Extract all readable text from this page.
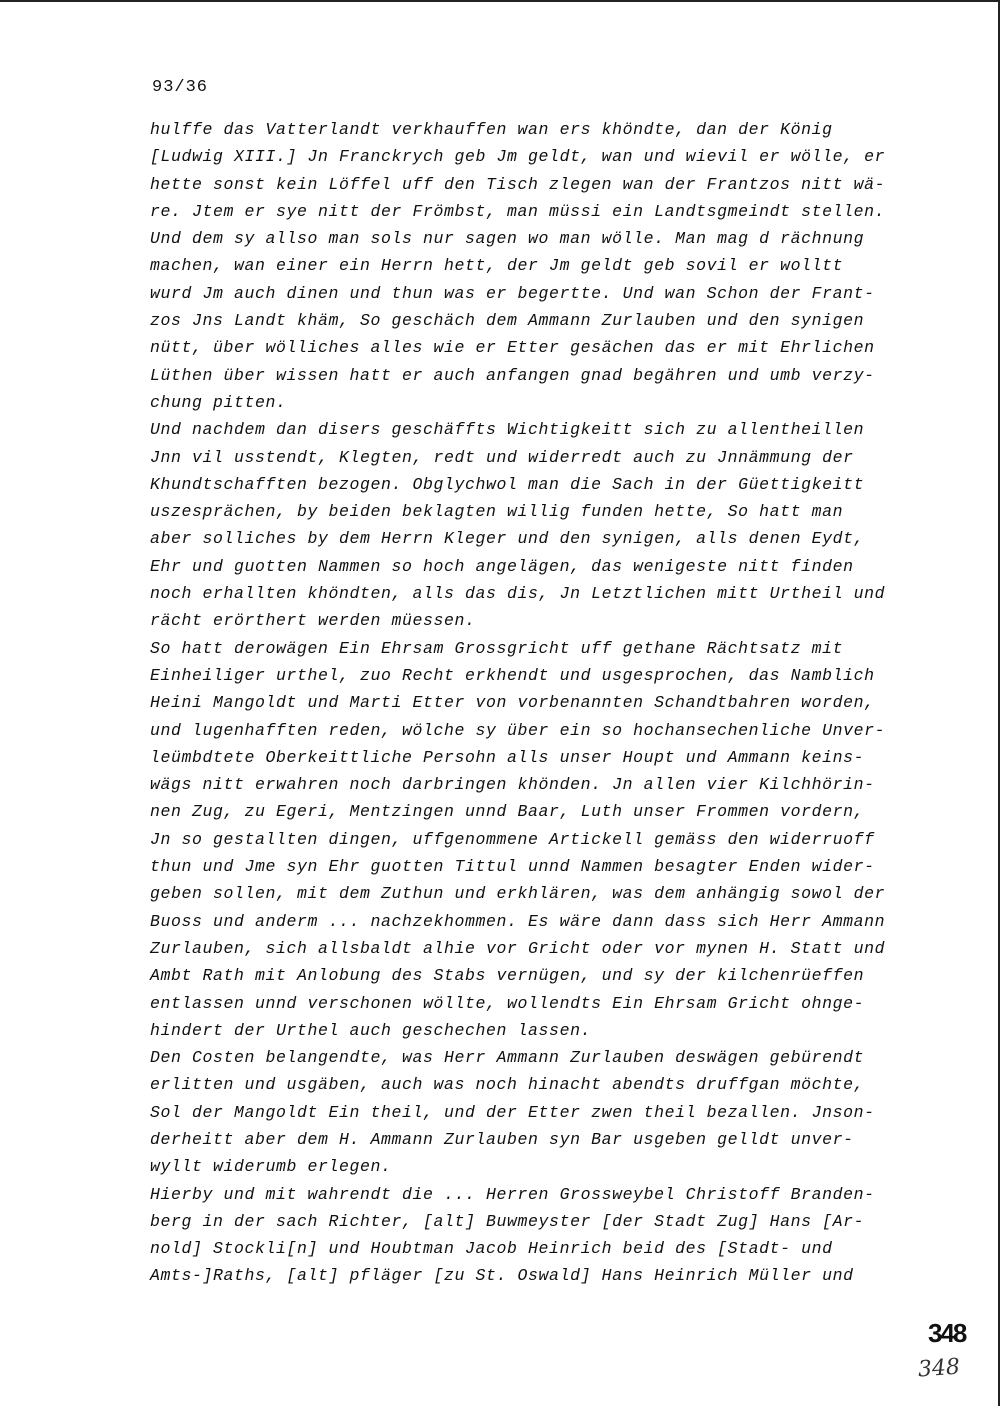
93/36
hulffe das Vatterlandt verkhauffen wan ers khöndte, dan der König
[Ludwig XIII.] Jn Franckrych geb Jm geldt, wan und wievil er wölle, er
hette sonst kein Löffel uff den Tisch zlegen wan der Frantzos nitt wä-
re. Jtem er sye nitt der Frömbst, man müssi ein Landtsgmeindt stellen.
Und dem sy allso man sols nur sagen wo man wölle. Man mag d rächnung
machen, wan einer ein Herrn hett, der Jm geldt geb sovil er wolltt
wurd Jm auch dinen und thun was er begertte. Und wan Schon der Frant-
zos Jns Landt khäm, So geschäch dem Ammann Zurlauben und den synigen
nütt, über wölliches alles wie er Etter gesächen das er mit Ehrlichen
Lüthen über wissen hatt er auch anfangen gnad begähren und umb verzy-
chung pitten.
Und nachdem dan disers geschäffts Wichtigkeitt sich zu allentheillen
Jnn vil usstendt, Klegten, redt und widerredt auch zu Jnnämmung der
Khundtschafften bezogen. Obglychwol man die Sach in der Güettigkeitt
uszesprächen, by beiden beklagten willig funden hette, So hatt man
aber solliches by dem Herrn Kleger und den synigen, alls denen Eydt,
Ehr und guotten Nammen so hoch angelägen, das wenigeste nitt finden
noch erhallten khöndten, alls das dis, Jn Letztlichen mitt Urtheil und
rächt erörthert werden müessen.
So hatt derowägen Ein Ehrsam Grossgricht uff gethane Rächtsatz mit
Einheiliger urthel, zuo Recht erkhendt und usgesprochen, das Namblich
Heini Mangoldt und Marti Etter von vorbenannten Schandtbahren worden,
und lugenhafften reden, wölche sy über ein so hochansechenliche Unver-
leümbdtete Oberkeittliche Persohn alls unser Houpt und Ammann keins-
wägs nitt erwahren noch darbringen khönden. Jn allen vier Kilchhörin-
nen Zug, zu Egeri, Mentzingen unnd Baar, Luth unser Frommen vordern,
Jn so gestallten dingen, uffgenommene Artickell gemäss den widerruoff
thun und Jme syn Ehr guotten Tittul unnd Nammen besagter Enden wider-
geben sollen, mit dem Zuthun und erkhlären, was dem anhängig sowol der
Buoss und anderm ... nachzekhommen. Es wäre dann dass sich Herr Ammann
Zurlauben, sich allsbaldt alhie vor Gricht oder vor mynen H. Statt und
Ambt Rath mit Anlobung des Stabs vernügen, und sy der kilchenrüeffen
entlassen unnd verschonen wöllte, wollendts Ein Ehrsam Gricht ohnge-
hindert der Urthel auch geschechen lassen.
Den Costen belangendte, was Herr Ammann Zurlauben deswägen gebürendt
erlitten und usgäben, auch was noch hinacht abendts druffgan möchte,
Sol der Mangoldt Ein theil, und der Etter zwen theil bezallen. Jnson-
derheitt aber dem H. Ammann Zurlauben syn Bar usgeben gelldt unver-
wyllt widerumb erlegen.
Hierby und mit wahrendt die ... Herren Grossweybel Christoff Branden-
berg in der sach Richter, [alt] Buwmeyster [der Stadt Zug] Hans [Ar-
nold] Stockli[n] und Houbtman Jacob Heinrich beid des [Stadt- und
Amts-]Raths, [alt] pfläger [zu St. Oswald] Hans Heinrich Müller und
348
348
